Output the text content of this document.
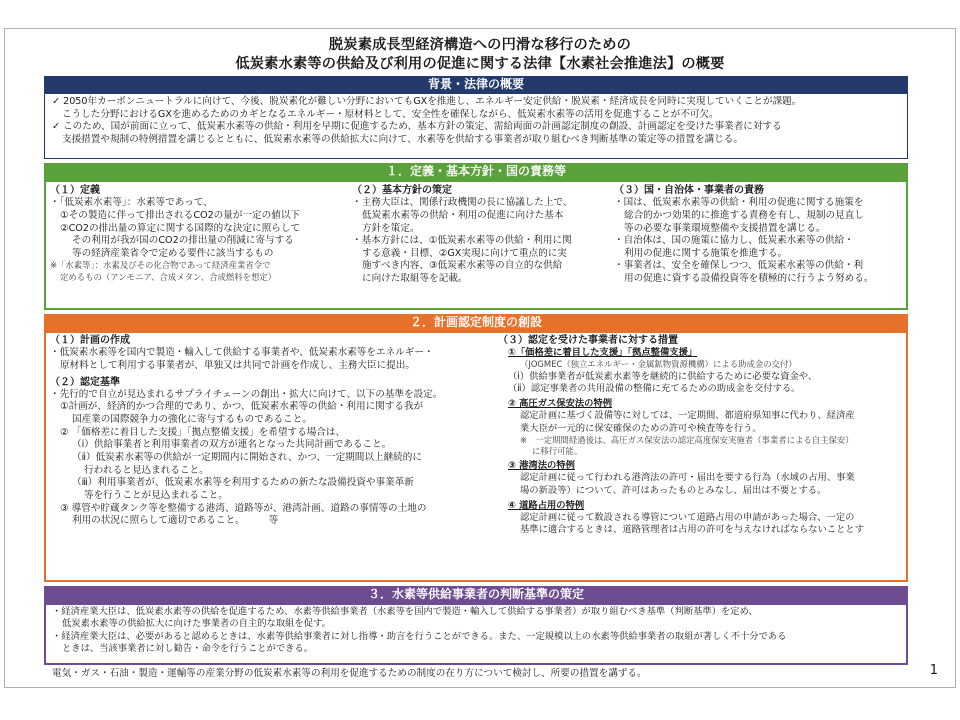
脱炭素成長型経済構造への円滑な移行のための
低炭素水素等の供給及び利用の促進に関する法律【水素社会推進法】の概要
背景・法律の概要

✓ 2050年カーボンニュートラルに向けて、今後、脱炭素化が難しい分野においてもGXを推進し、エネルギー安定供給・脱炭素・経済成長を同時に実現していくことが課題。

こうした分野におけるGXを進めるためのカギとなるエネルギー・原材料として、安全性を確保しながら、低炭素水素等の活用を促進することが不可欠。

✓ このため、国が前面に立って、低炭素水素等の供給・利用を早期に促進するため、基本方針の策定、需給両面の計画認定制度の創設、計画認定を受けた事業者に対する

支援措置や規制の特例措置を講じるとともに、低炭素水素等の供給拡大に向けて、水素等を供給する事業者が取り組むべき判断基準の策定等の措置を講じる。

１．定義・基本方針・国の責務等

（１）定義

・「低炭素水素等」：水素等であって、

①その製造に伴って排出されるCO2の量が一定の値以下

②CO2の排出量の算定に関する国際的な決定に照らして

その利用が我が国のCO2の排出量の削減に寄与する

等の経済産業省令で定める要件に該当するもの

※「水素等」：水素及びその化合物であって経済産業省令で

定めるもの（アンモニア、合成メタン、合成燃料を想定）

（２）基本方針の策定

・主務大臣は、関係行政機関の長に協議した上で、

低炭素水素等の供給・利用の促進に向けた基本

方針を策定。

・基本方針には、①低炭素水素等の供給・利用に関

する意義・目標、②GX実現に向けて重点的に実

施すべき内容、③低炭素水素等の自立的な供給

に向けた取組等を記載。

（３）国・自治体・事業者の責務

・国は、低炭素水素等の供給・利用の促進に関する施策を

総合的かつ効果的に推進する責務を有し、規制の見直し

等の必要な事業環境整備や支援措置を講じる。

・自治体は、国の施策に協力し、低炭素水素等の供給・

利用の促進に関する施策を推進する。

・事業者は、安全を確保しつつ、低炭素水素等の供給・利

用の促進に資する設備投資等を積極的に行うよう努める。

２．計画認定制度の創設

（１）計画の作成

・低炭素水素等を国内で製造・輸入して供給する事業者や、低炭素水素等をエネルギー・

原材料として利用する事業者が、単独又は共同で計画を作成し、主務大臣に提出。

（２）認定基準

・先行的で自立が見込まれるサプライチェーンの創出・拡大に向けて、以下の基準を設定。

①計画が、経済的かつ合理的であり、かつ、低炭素水素等の供給・利用に関する我が

国産業の国際競争力の強化に寄与するものであること。

② 「価格差に着目した支援」「拠点整備支援」を希望する場合は、

（ⅰ）供給事業者と利用事業者の双方が連名となった共同計画であること。

（ⅱ）低炭素水素等の供給が一定期間内に開始され、かつ、一定期間以上継続的に

行われると見込まれること。

（ⅲ）利用事業者が、低炭素水素等を利用するための新たな設備投資や事業革新

等を行うことが見込まれること。

③ 導管や貯蔵タンク等を整備する港湾、道路等が、港湾計画、道路の事情等の土地の

利用の状況に照らして適切であること。　　　等

（３）認定を受けた事業者に対する措置

①「価格差に着目した支援」「拠点整備支援」

（JOGMEC（独立エネルギー・金属鉱物資源機構）による助成金の交付）

（ⅰ）供給事業者が低炭素水素等を継続的に供給するために必要な資金や、

（ⅱ）認定事業者の共用設備の整備に充てるための助成金を交付する。

② 高圧ガス保安法の特例

認定計画に基づく設備等に対しては、一定期間、都道府県知事に代わり、経済産

業大臣が一元的に保安確保のための許可や検査等を行う。

※　一定期間経過後は、高圧ガス保安法の認定高度保安実施者（事業者による自主保安）

に移行可能。

③ 港湾法の特例

認定計画に従って行われる港湾法の許可・届出を要する行為（水域の占用、事業

場の新設等）について、許可はあったものとみなし、届出は不要とする。

④ 道路占用の特例

認定計画に従って数設される導管について道路占用の申請があった場合、一定の

基準に適合するときは、道路管理者は占用の許可を与えなければならないこととす

３．水素等供給事業者の判断基準の策定

・経済産業大臣は、低炭素水素等の供給を促進するため、水素等供給事業者（水素等を国内で製造・輸入して供給する事業者）が取り組むべき基準（判断基準）を定め、

低炭素水素等の供給拡大に向けた事業者の自主的な取組を促す。

・経済産業大臣は、必要があると認めるときは、水素等供給事業者に対し指導・助言を行うことができる。また、一定規模以上の水素等供給事業者の取組が著しく不十分である

ときは、当該事業者に対し勧告・命令を行うことができる。

電気・ガス・石油・製造・運輸等の産業分野の低炭素水素等の利用を促進するための制度の在り方について検討し、所要の措置を講ずる。	1
